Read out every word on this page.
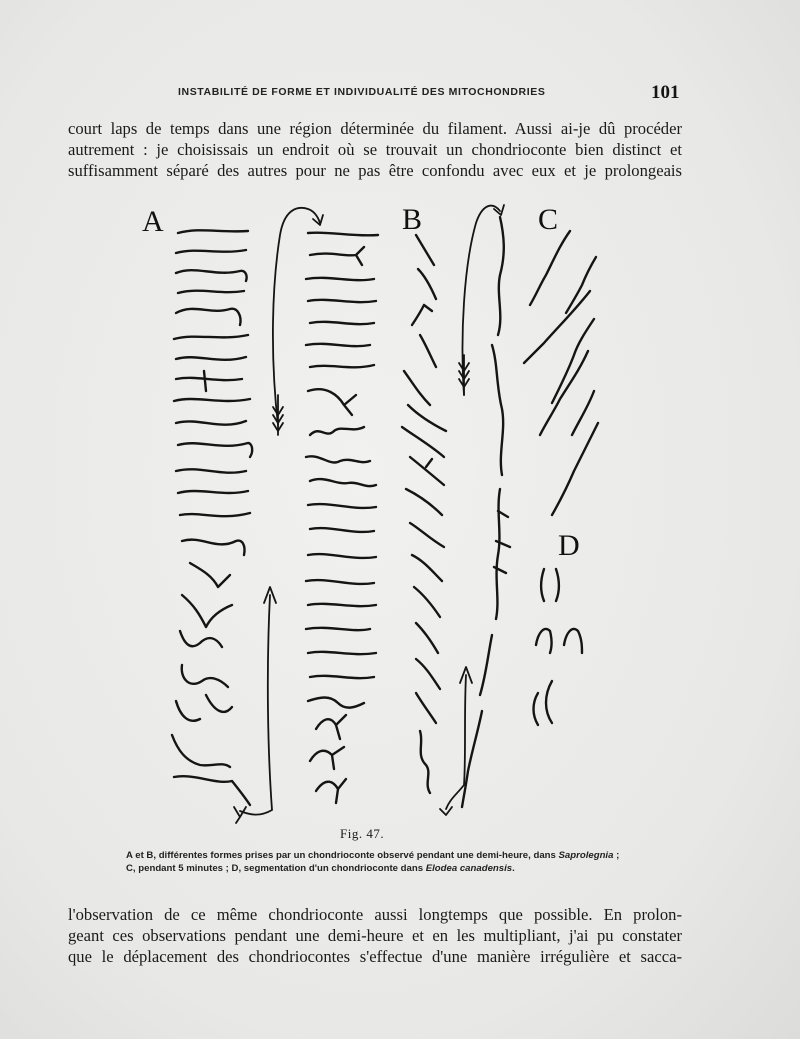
INSTABILITÉ DE FORME ET INDIVIDUALITÉ DES MITOCHONDRIES	101

court laps de temps dans une région déterminée du filament. Aussi ai-je dû procéder
autrement : je choisissais un endroit où se trouvait un chondrioconte bien distinct et
suffisamment séparé des autres pour ne pas être confondu avec eux et je prolongeais

A	B	C
D
Fig. 47.
A et B, différentes formes prises par un chondrioconte observé pendant une demi-heure, dans Saprolegnia ; C, pendant 5 minutes ; D, segmentation d'un chondrioconte dans Elodea canadensis.

l'observation de ce même chondrioconte aussi longtemps que possible. En prolon-
geant ces observations pendant une demi-heure et en les multipliant, j'ai pu constater
que le déplacement des chondriocontes s'effectue d'une manière irrégulière et sacca-
